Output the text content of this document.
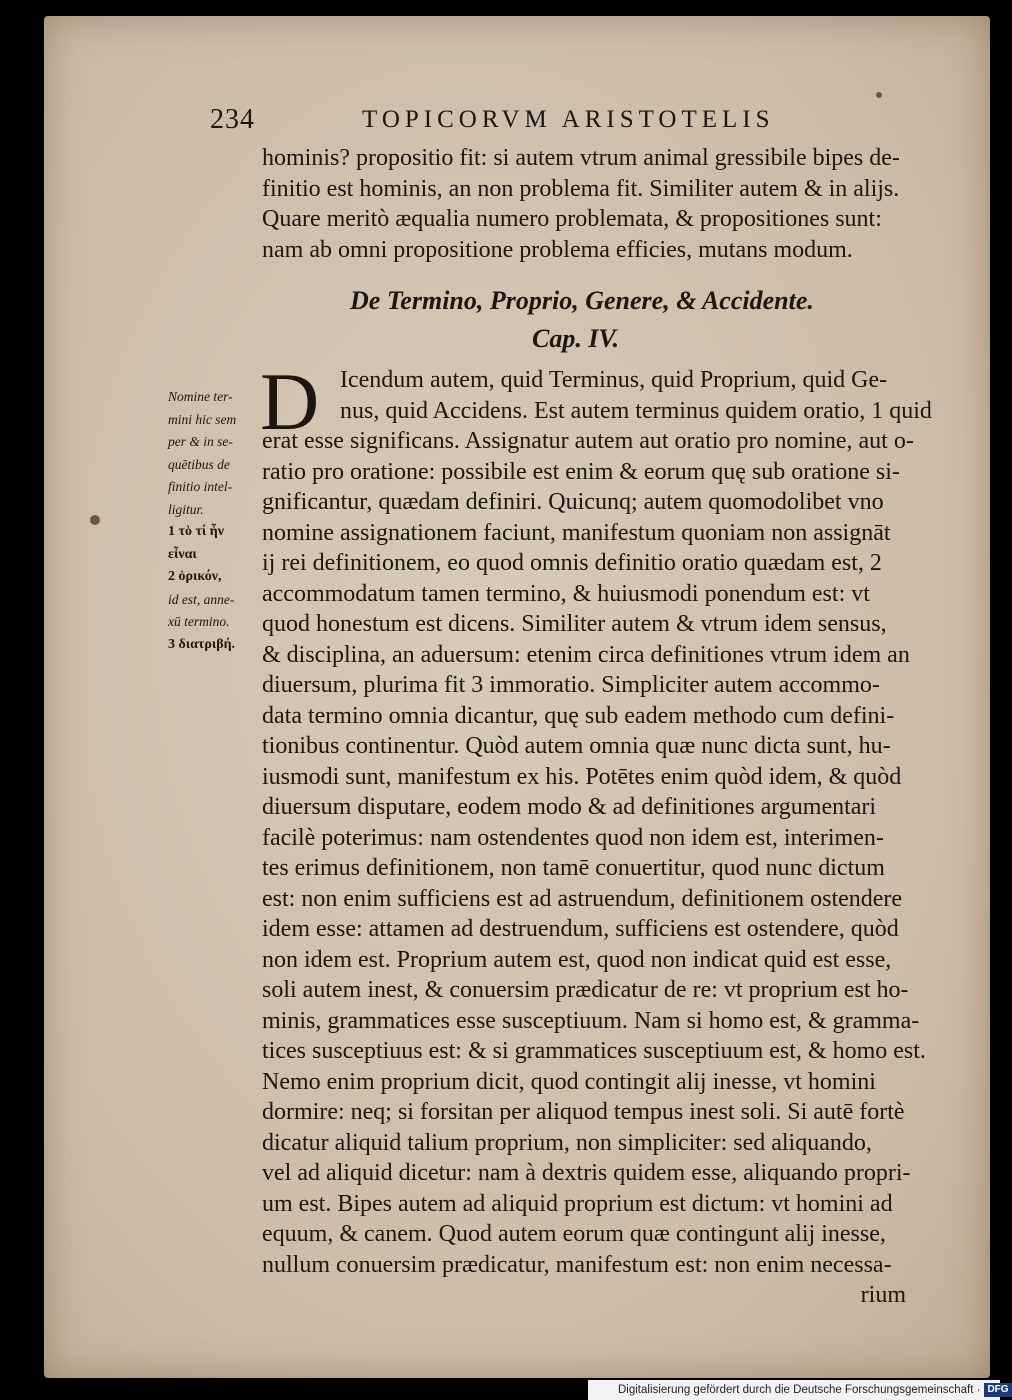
234	TOPICORVM ARISTOTELIS
hominis? propositio fit: si autem vtrum animal gressibile bipes de-
finitio est hominis, an non problema fit. Similiter autem & in alijs.
Quare meritò æqualia numero problemata, & propositiones sunt:
nam ab omni propositione problema efficies, mutans modum.
De Termino, Proprio, Genere, & Accidente.
Cap. IV.
D Icendum autem, quid Terminus, quid Proprium, quid Ge-
nus, quid Accidens. Est autem terminus quidem oratio, 1 quid
erat esse significans. Assignatur autem aut oratio pro nomine, aut o-
ratio pro oratione: possibile est enim & eorum quę sub oratione si-
gnificantur, quædam definiri. Quicunq; autem quomodolibet vno
nomine assignationem faciunt, manifestum quoniam non assignāt
ij rei definitionem, eo quod omnis definitio oratio quædam est, 2
accommodatum tamen termino, & huiusmodi ponendum est: vt
quod honestum est dicens. Similiter autem & vtrum idem sensus,
& disciplina, an aduersum: etenim circa definitiones vtrum idem an
diuersum, plurima fit 3 immoratio. Simpliciter autem accommo-
data termino omnia dicantur, quę sub eadem methodo cum defini-
tionibus continentur. Quòd autem omnia quæ nunc dicta sunt, hu-
iusmodi sunt, manifestum ex his. Potētes enim quòd idem, & quòd
diuersum disputare, eodem modo & ad definitiones argumentari
facilè poterimus: nam ostendentes quod non idem est, interimen-
tes erimus definitionem, non tamē conuertitur, quod nunc dictum
est: non enim sufficiens est ad astruendum, definitionem ostendere
idem esse: attamen ad destruendum, sufficiens est ostendere, quòd
non idem est. Proprium autem est, quod non indicat quid est esse,
soli autem inest, & conuersim prædicatur de re: vt proprium est ho-
minis, grammatices esse susceptiuum. Nam si homo est, & gramma-
tices susceptiuus est: & si grammatices susceptiuum est, & homo est.
Nemo enim proprium dicit, quod contingit alij inesse, vt homini
dormire: neq; si forsitan per aliquod tempus inest soli. Si autē fortè
dicatur aliquid talium proprium, non simpliciter: sed aliquando,
vel ad aliquid dicetur: nam à dextris quidem esse, aliquando propri-
um est. Bipes autem ad aliquid proprium est dictum: vt homini ad
equum, & canem. Quod autem eorum quæ contingunt alij inesse,
nullum conuersim prædicatur, manifestum est: non enim necessa-
rium
Nomine ter-
mini hic sem
per & in se-
quētibus de
finitio intel-
ligitur.
1 τὸ τί ἦν
εἶναι
2 ὁρικόν,
id est, anne-
xū termino.
3 διατριβή.
Digitalisierung gefördert durch die Deutsche Forschungsgemeinschaft · DFG
